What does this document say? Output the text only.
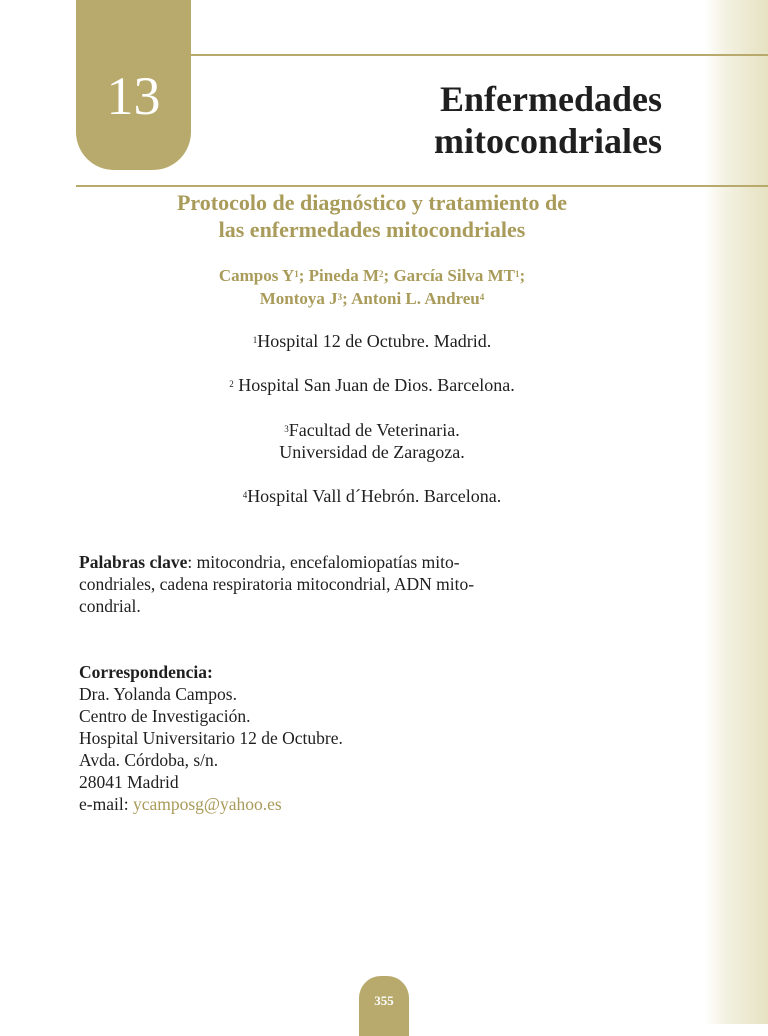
13	Enfermedades
mitocondriales
Protocolo de diagnóstico y tratamiento de
las enfermedades mitocondriales
Campos $Y^1$; Pineda $M^2$; García Silva $MT^1$;
Montoya $J^3$; Antoni L. Andreu$^4$
$^1$Hospital 12 de Octubre. Madrid.
$^2$ Hospital San Juan de Dios. Barcelona.
$^3$Facultad de Veterinaria.
Universidad de Zaragoza.
$^4$Hospital Vall d´Hebrón. Barcelona.
Palabras clave: mitocondria, encefalomiopatías mito-
condriales, cadena respiratoria mitocondrial, ADN mito-
condrial.
Correspondencia:
Dra. Yolanda Campos.
Centro de Investigación.
Hospital Universitario 12 de Octubre.
Avda. Córdoba, s/n.
28041 Madrid
e-mail: ycamposg@yahoo.es
355
